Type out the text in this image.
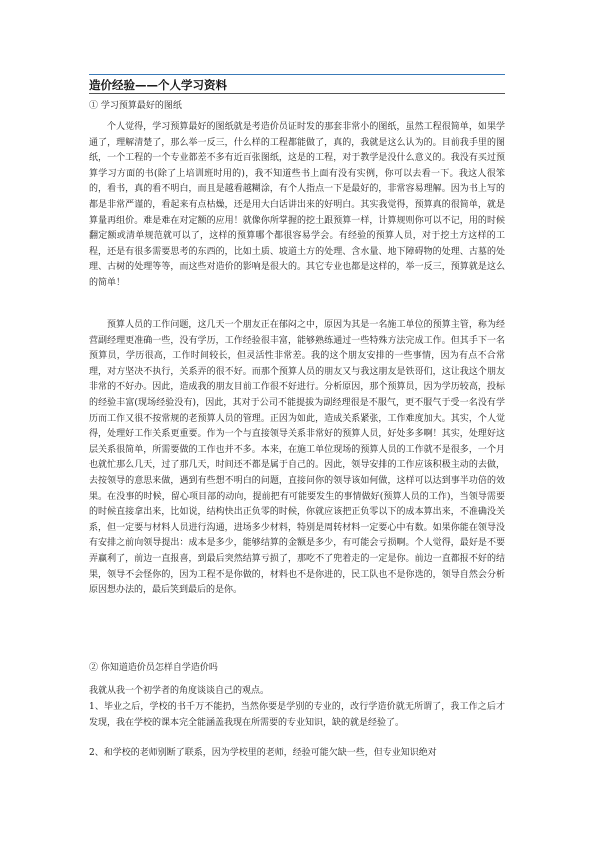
造价经验——个人学习资料
① 学习预算最好的图纸
个人觉得，学习预算最好的图纸就是考造价员证时发的那套非常小的图纸，虽然工程很简单，如果学通了，理解清楚了，那么举一反三，什么样的工程都能做了，真的，我就是这么认为的。目前我手里的图纸，一个工程的一个专业都差不多有近百张图纸，这是的工程，对于教学是没什么意义的。我没有买过预算学习方面的书(除了上培训班时用的)，我不知道些书上面有没有实例，你可以去看一下。我这人很笨的，看书，真的看不明白，而且是越看越糊涂，有个人指点一下是最好的，非常容易理解。因为书上写的都是非常严谨的，看起来有点枯燥，还是用大白话讲出来的好明白。其实我觉得，预算真的很简单，就是算量再组价。难是难在对定额的应用！就像你所掌握的挖土跟预算一样，计算规则你可以不记，用的时候翻定额或清单规范就可以了，这样的预算哪个都很容易学会。有经验的预算人员，对于挖土方这样的工程，还是有很多需要思考的东西的，比如土质、坡道土方的处理、含水量、地下障碍物的处理、古墓的处理、古树的处理等等，而这些对造价的影响是很大的。其它专业也都是这样的，举一反三，预算就是这么的简单！
预算人员的工作问题，这几天一个朋友正在郁闷之中，原因为其是一名施工单位的预算主管，称为经营副经理更准确一些，没有学历，工作经验很丰富，能够熟练通过一些特殊方法完成工作。但其手下一名预算员，学历很高，工作时间较长，但灵活性非常差。我的这个朋友安排的一些事情，因为有点不合常理，对方坚决不执行，关系弄的很不好。而那个预算人员的朋友又与我这朋友是铁哥们，这让我这个朋友非常的不好办。因此，造成我的朋友目前工作很不好进行。分析原因，那个预算员，因为学历较高，投标的经验丰富(现场经验没有)，因此，其对于公司不能提拔为副经理很是不服气，更不服气于受一名没有学历而工作又很不按常规的老预算人员的管理。正因为如此，造成关系紧张，工作难度加大。其实，个人觉得，处理好工作关系更重要。作为一个与直接领导关系非常好的预算人员，好处多多啊！其实，处理好这层关系很简单，所需要做的工作也并不多。本来，在施工单位现场的预算人员的工作就不是很多，一个月也就忙那么几天，过了那几天，时间还不都是属于自己的。因此，领导安排的工作应该积极主动的去做，去按领导的意思来做，遇到有些想不明白的问题，直接问你的领导该如何做，这样可以达到事半功倍的效果。在没事的时候，留心项目部的动向，提前把有可能要发生的事情做好(预算人员的工作)，当领导需要的时候直接拿出来，比如说，结构快出正负零的时候，你就应该把正负零以下的成本算出来，不准确没关系，但一定要与材料人员进行沟通，进场多少材料，特别是周转材料一定要心中有数。如果你能在领导没有安排之前向领导提出：成本是多少，能够结算的金额是多少，有可能会亏损啊。个人觉得，最好是不要弄赢利了，前边一直报喜，到最后突然结算亏损了，那吃不了兜着走的一定是你。前边一直都报不好的结果，领导不会怪你的，因为工程不是你做的，材料也不是你进的，民工队也不是你选的，领导自然会分析原因想办法的，最后笑到最后的是你。
② 你知道造价员怎样自学造价吗
我就从我一个初学者的角度谈谈自己的观点。
1、毕业之后，学校的书千万不能扔，当然你要是学别的专业的，改行学造价就无所谓了，我工作之后才发现，我在学校的课本完全能涵盖我现在所需要的专业知识，缺的就是经验了。
2、和学校的老师别断了联系，因为学校里的老师，经验可能欠缺一些，但专业知识绝对
